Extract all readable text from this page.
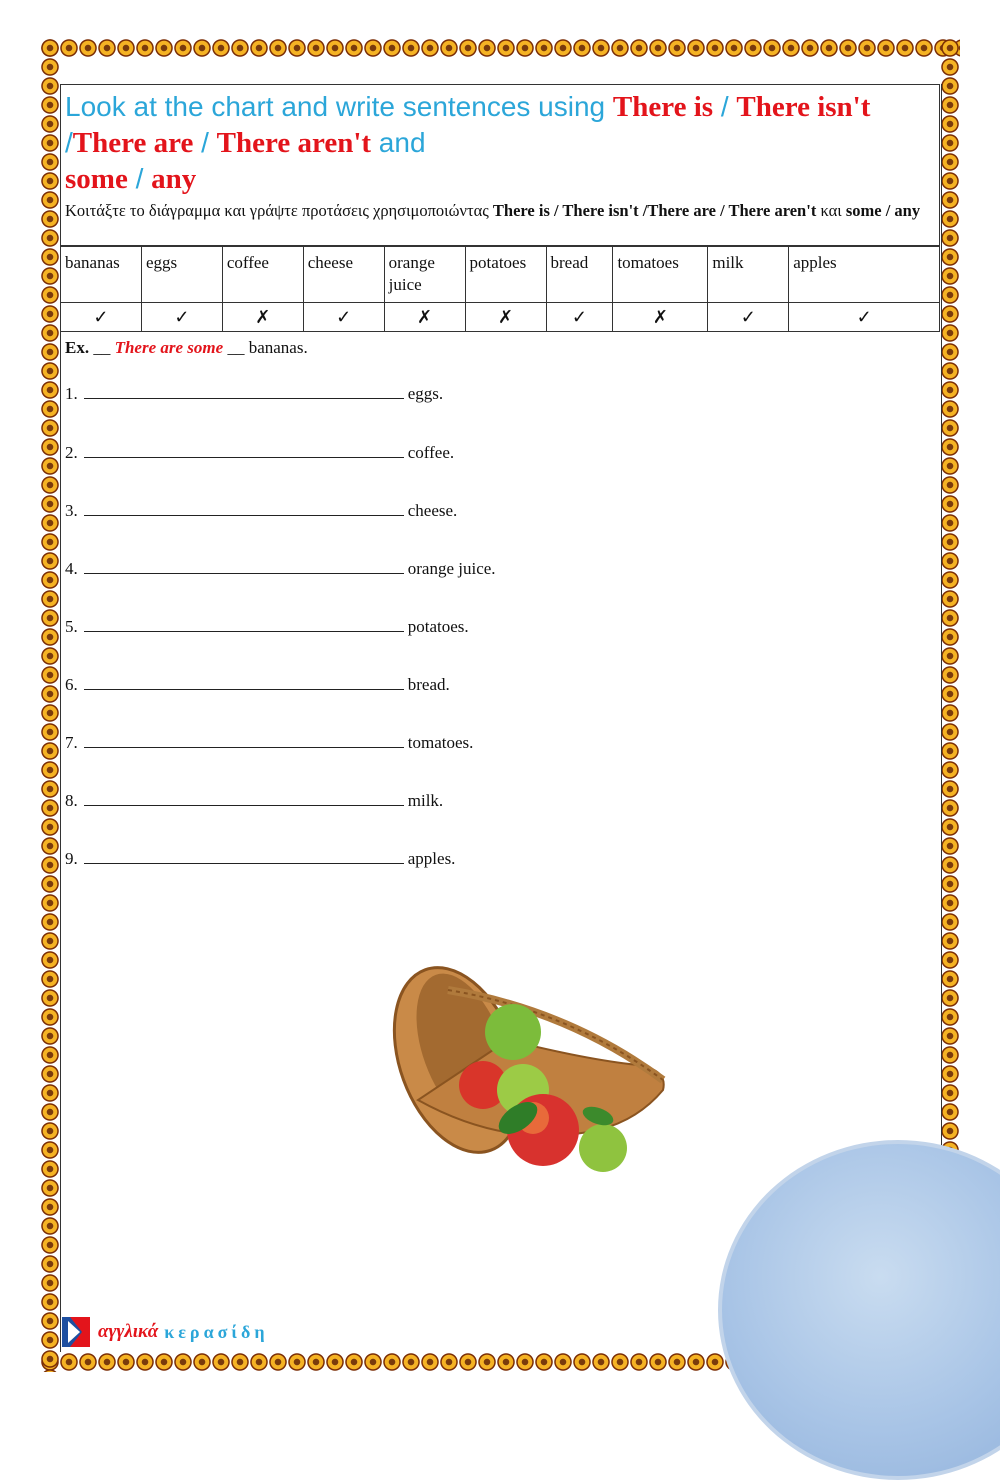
Look at the chart and write sentences using There is / There isn't /There are / There aren't and
some / any

Κοιτάξτε το διάγραμμα και γράψτε προτάσεις χρησιμοποιώντας There is / There isn't /There are / There aren't και some / any
bananas	eggs	coffee	cheese	orange juice	potatoes	bread	tomatoes	milk	apples
✓	✓	✗	✓	✗	✗	✓	✗	✓	✓
Ex. __ There are some __ bananas.
1.	eggs.
2.	coffee.
3.	cheese.
4.	orange juice.
5.	potatoes.
6.	bread.
7.	tomatoes.
8.	milk.
9.	apples.
αγγλικά κερασίδη
